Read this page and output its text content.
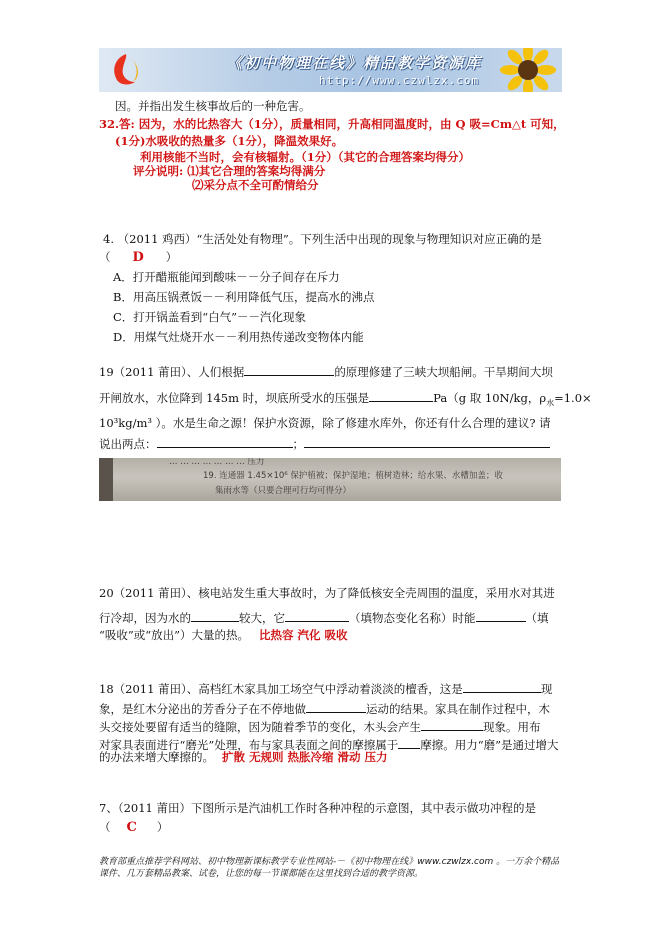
《初中物理在线》精品教学资源库
http://www.czwlzx.com
因。并指出发生核事故后的一种危害。
32.答: 因为，水的比热容大（1分），质量相同，升高相同温度时，由 Q 吸=Cm△t 可知，
(1分)水吸收的热量多（1分），降温效果好。
利用核能不当时，会有核辐射。（1分）（其它的合理答案均得分）
评分说明: ⑴其它合理的答案均得满分
⑵采分点不全可酌情给分
4. （2011 鸡西）“生活处处有物理”。下列生活中出现的现象与物理知识对应正确的是
（ D ）
A．打开醋瓶能闻到酸味－－分子间存在斥力
B．用高压锅煮饭－－利用降低气压，提高水的沸点
C．打开锅盖看到“白气”－－汽化现象
D．用煤气灶烧开水－－利用热传递改变物体内能
19（2011 莆田）、人们根据	的原理修建了三峡大坝船闸。干旱期间大坝
开闸放水，水位降到 145m 时，坝底所受水的压强是	Pa（g 取 10N/kg，$\rho_水=1.0\times$
10³kg/m³ ）。水是生命之源！保护水资源，除了修建水库外，你还有什么合理的建议? 请
说出两点：	；
… … … … … … … 压力
19. 连通器 1.45×10⁶ 保护植被；保护湿地；植树造林；给水果、水槽加盖；收
集雨水等（只要合理可行均可得分）
20（2011 莆田）、核电站发生重大事故时，为了降低核安全壳周围的温度，采用水对其进
行冷却，因为水的	较大，它	（填物态变化名称）时能	（填
“吸收”或“放出”）大量的热。 比热容 汽化 吸收
18（2011 莆田）、高档红木家具加工场空气中浮动着淡淡的檀香，这是	现
象，是红木分泌出的芳香分子在不停地做	运动的结果。家具在制作过程中，木
头交接处要留有适当的缝隙，因为随着季节的变化，木头会产生	现象。用布
对家具表面进行“磨光”处理，布与家具表面之间的摩擦属于 摩擦。用力“磨”是通过增大
的办法来增大摩擦的。 扩散 无规则 热胀冷缩 滑动 压力
7、（2011 莆田）下图所示是汽油机工作时各种冲程的示意图，其中表示做功冲程的是
（ C ）
教育部重点推荐学科网站、初中物理新课标教学专业性网站-－《初中物理在线》www.czwlzx.com 。一万余个精品课件、几万套精品教案、试卷，让您的每一节课都能在这里找到合适的教学资源。
